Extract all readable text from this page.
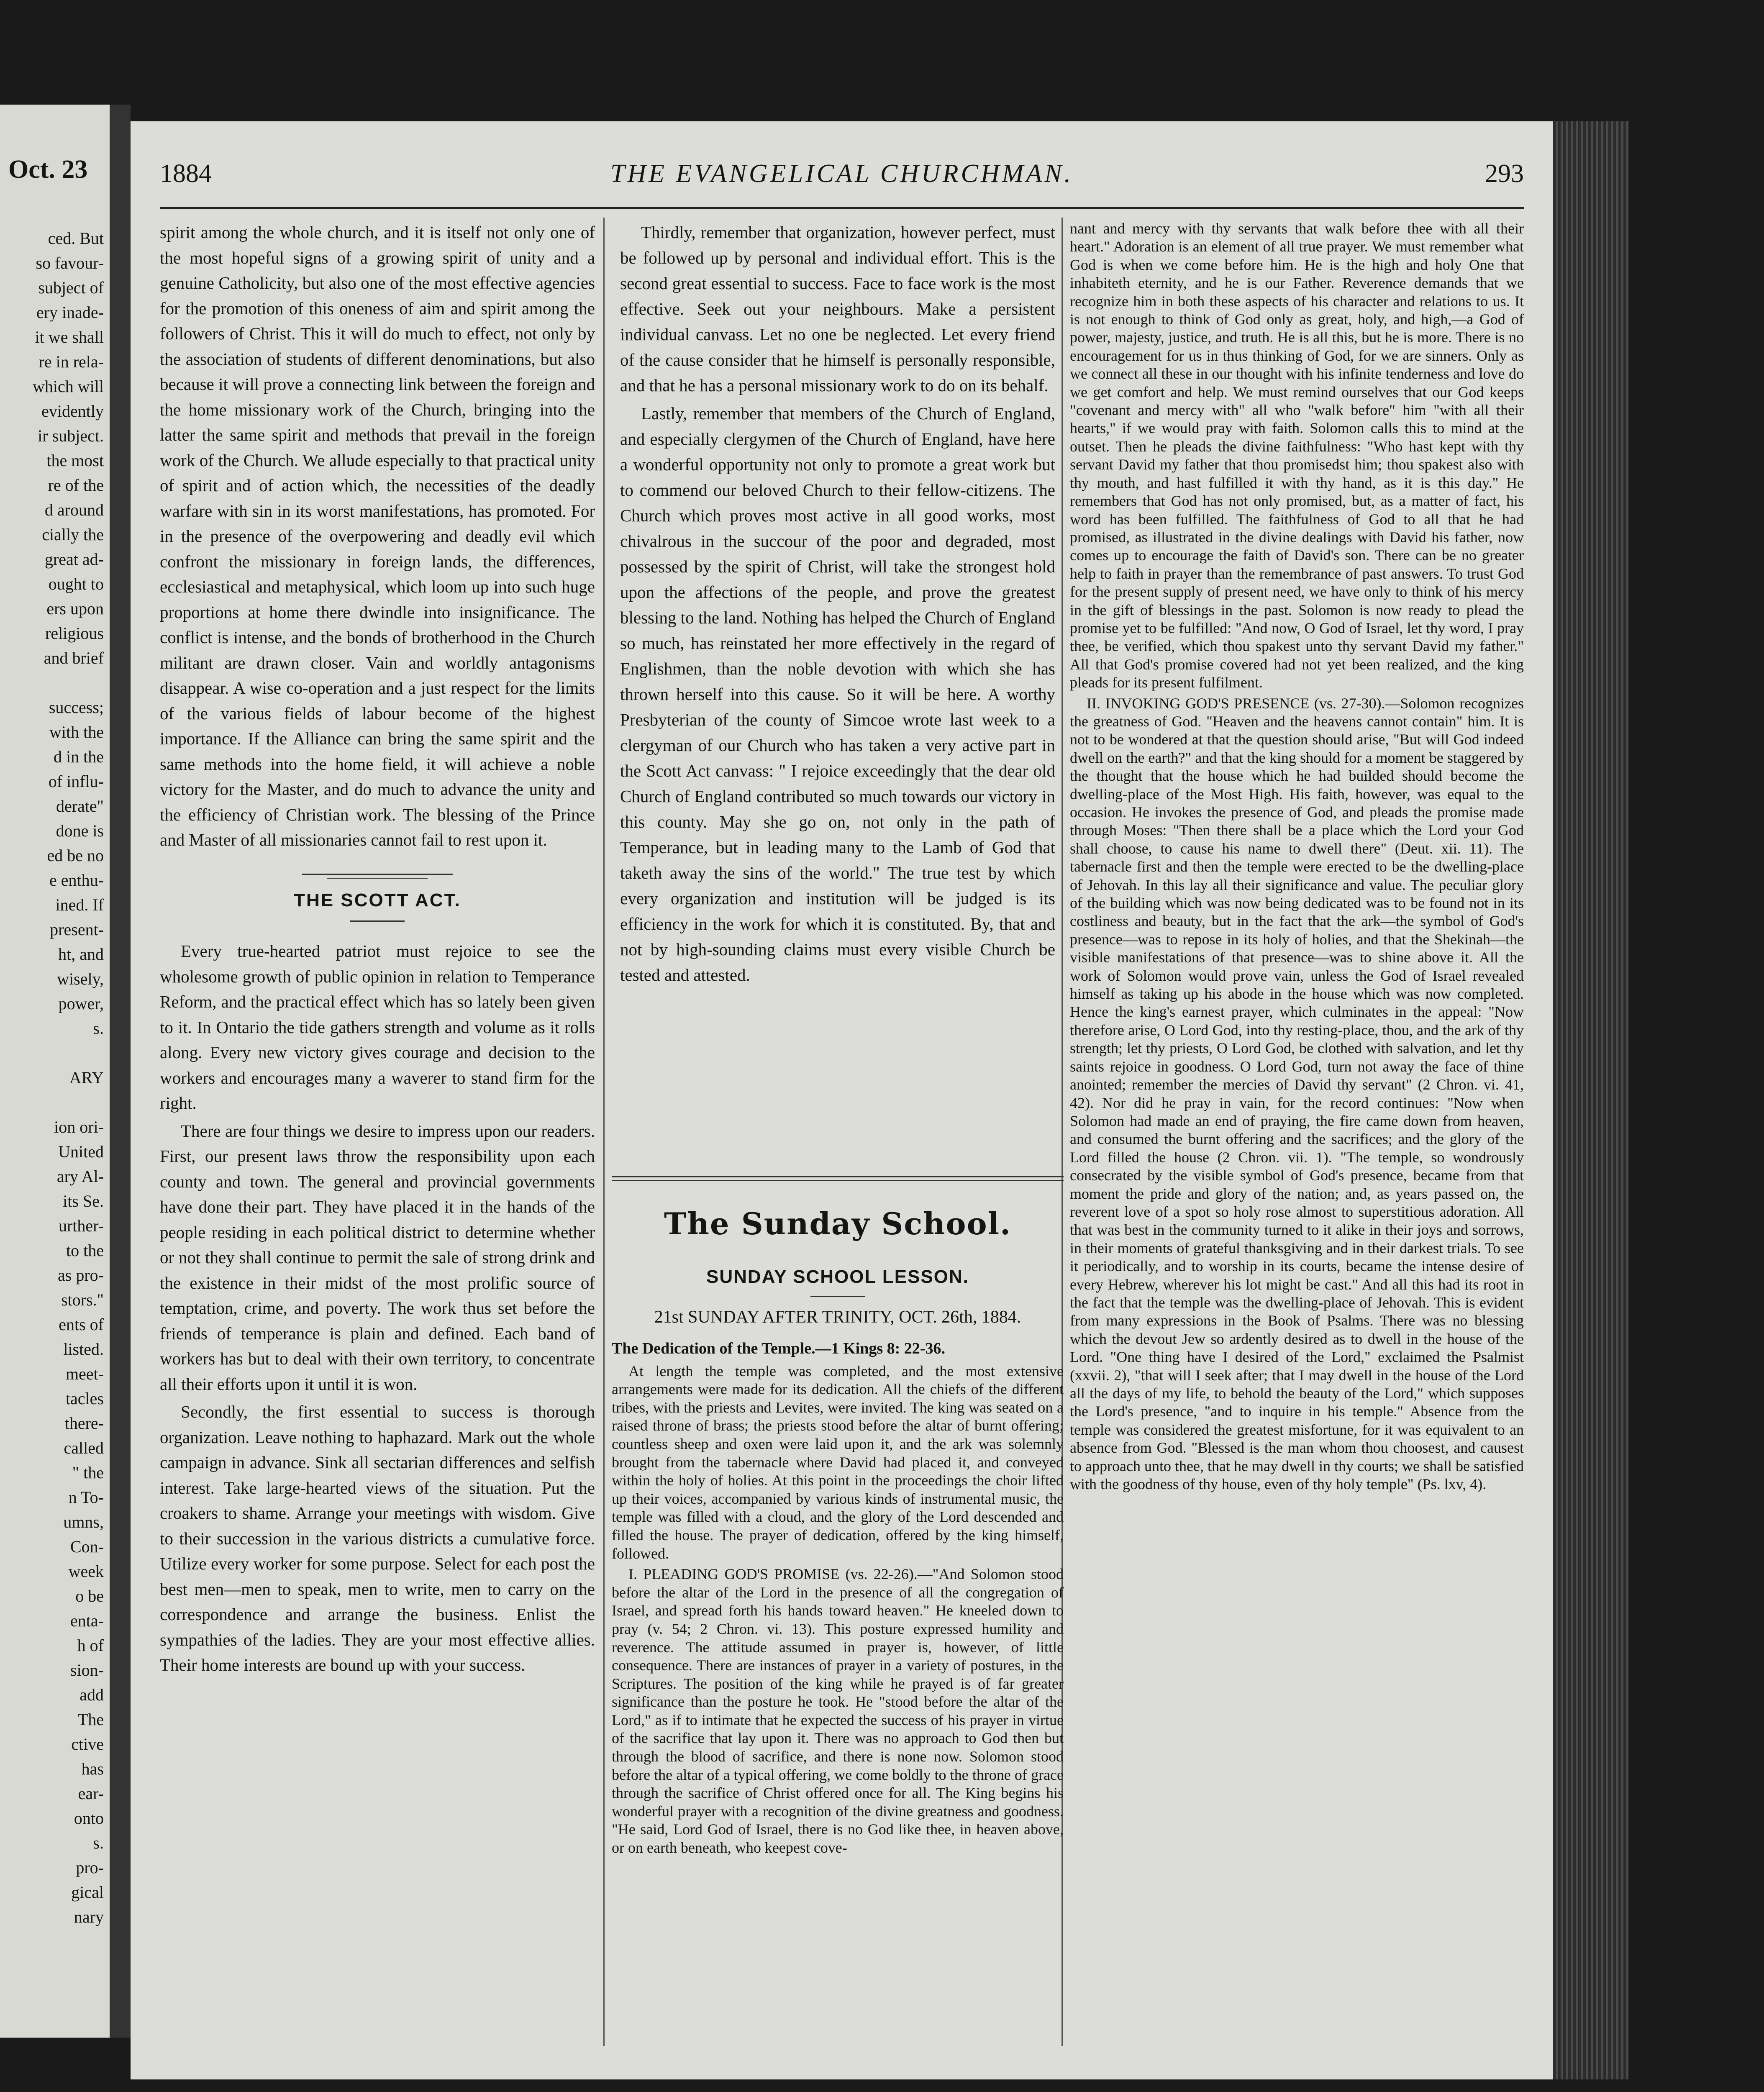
Oct. 23
ced. But
so favour-
subject of
ery inade-
it we shall
re in rela-
which will
evidently
ir subject.
the most
re of the
d around
cially the
great ad-
ought to
ers upon
religious
and brief
success;
with the
d in the
of influ-
derate"
done is
ed be no
e enthu-
ined. If
present-
ht, and
wisely,
power,
s.
ARY
ion ori-
United
ary Al-
its Se.
urther-
to the
as pro-
stors."
ents of
listed.
meet-
tacles
there-
called
" the
n To-
umns,
Con-
week
o be
enta-
h of
sion-
add
The
ctive
has
ear-
onto
s.
pro-
gical
nary
1884	THE EVANGELICAL CHURCHMAN.	293

spirit among the whole church, and it is itself not only one of the most hopeful signs of a growing spirit of unity and a genuine Catholicity, but also one of the most effective agencies for the promotion of this oneness of aim and spirit among the followers of Christ. This it will do much to effect, not only by the association of students of different denominations, but also because it will prove a connecting link between the foreign and the home missionary work of the Church, bringing into the latter the same spirit and methods that prevail in the foreign work of the Church. We allude especially to that practical unity of spirit and of action which, the necessities of the deadly warfare with sin in its worst manifestations, has promoted. For in the presence of the overpowering and deadly evil which confront the missionary in foreign lands, the differences, ecclesiastical and metaphysical, which loom up into such huge proportions at home there dwindle into insignificance. The conflict is intense, and the bonds of brotherhood in the Church militant are drawn closer. Vain and worldly antagonisms disappear. A wise co-operation and a just respect for the limits of the various fields of labour become of the highest importance. If the Alliance can bring the same spirit and the same methods into the home field, it will achieve a noble victory for the Master, and do much to advance the unity and the efficiency of Christian work. The blessing of the Prince and Master of all missionaries cannot fail to rest upon it.

THE SCOTT ACT.

Every true-hearted patriot must rejoice to see the wholesome growth of public opinion in relation to Temperance Reform, and the practical effect which has so lately been given to it. In Ontario the tide gathers strength and volume as it rolls along. Every new victory gives courage and decision to the workers and encourages many a waverer to stand firm for the right.

There are four things we desire to impress upon our readers. First, our present laws throw the responsibility upon each county and town. The general and provincial governments have done their part. They have placed it in the hands of the people residing in each political district to determine whether or not they shall continue to permit the sale of strong drink and the existence in their midst of the most prolific source of temptation, crime, and poverty. The work thus set before the friends of temperance is plain and defined. Each band of workers has but to deal with their own territory, to concentrate all their efforts upon it until it is won.

Secondly, the first essential to success is thorough organization. Leave nothing to haphazard. Mark out the whole campaign in advance. Sink all sectarian differences and selfish interest. Take large-hearted views of the situation. Put the croakers to shame. Arrange your meetings with wisdom. Give to their succession in the various districts a cumulative force. Utilize every worker for some purpose. Select for each post the best men—men to speak, men to write, men to carry on the correspondence and arrange the business. Enlist the sympathies of the ladies. They are your most effective allies. Their home interests are bound up with your success.

Thirdly, remember that organization, however perfect, must be followed up by personal and individual effort. This is the second great essential to success. Face to face work is the most effective. Seek out your neighbours. Make a persistent individual canvass. Let no one be neglected. Let every friend of the cause consider that he himself is personally responsible, and that he has a personal missionary work to do on its behalf.

Lastly, remember that members of the Church of England, and especially clergymen of the Church of England, have here a wonderful opportunity not only to promote a great work but to commend our beloved Church to their fellow-citizens. The Church which proves most active in all good works, most chivalrous in the succour of the poor and degraded, most possessed by the spirit of Christ, will take the strongest hold upon the affections of the people, and prove the greatest blessing to the land. Nothing has helped the Church of England so much, has reinstated her more effectively in the regard of Englishmen, than the noble devotion with which she has thrown herself into this cause. So it will be here. A worthy Presbyterian of the county of Simcoe wrote last week to a clergyman of our Church who has taken a very active part in the Scott Act canvass: " I rejoice exceedingly that the dear old Church of England contributed so much towards our victory in this county. May she go on, not only in the path of Temperance, but in leading many to the Lamb of God that taketh away the sins of the world." The true test by which every organization and institution will be judged is its efficiency in the work for which it is constituted. By, that and not by high-sounding claims must every visible Church be tested and attested.

The Sunday School.
SUNDAY SCHOOL LESSON.
21st SUNDAY AFTER TRINITY, OCT. 26th, 1884.
The Dedication of the Temple.—1 Kings 8: 22-36.

At length the temple was completed, and the most extensive arrangements were made for its dedication. All the chiefs of the different tribes, with the priests and Levites, were invited. The king was seated on a raised throne of brass; the priests stood before the altar of burnt offering; countless sheep and oxen were laid upon it, and the ark was solemnly brought from the tabernacle where David had placed it, and conveyed within the holy of holies. At this point in the proceedings the choir lifted up their voices, accompanied by various kinds of instrumental music, the temple was filled with a cloud, and the glory of the Lord descended and filled the house. The prayer of dedication, offered by the king himself, followed.

I. PLEADING GOD'S PROMISE (vs. 22-26).—"And Solomon stood before the altar of the Lord in the presence of all the congregation of Israel, and spread forth his hands toward heaven." He kneeled down to pray (v. 54; 2 Chron. vi. 13). This posture expressed humility and reverence. The attitude assumed in prayer is, however, of little consequence. There are instances of prayer in a variety of postures, in the Scriptures. The position of the king while he prayed is of far greater significance than the posture he took. He "stood before the altar of the Lord," as if to intimate that he expected the success of his prayer in virtue of the sacrifice that lay upon it. There was no approach to God then but through the blood of sacrifice, and there is none now. Solomon stood before the altar of a typical offering, we come boldly to the throne of grace through the sacrifice of Christ offered once for all. The King begins his wonderful prayer with a recognition of the divine greatness and goodness. "He said, Lord God of Israel, there is no God like thee, in heaven above, or on earth beneath, who keepest cove-

nant and mercy with thy servants that walk before thee with all their heart." Adoration is an element of all true prayer. We must remember what God is when we come before him. He is the high and holy One that inhabiteth eternity, and he is our Father. Reverence demands that we recognize him in both these aspects of his character and relations to us. It is not enough to think of God only as great, holy, and high,—a God of power, majesty, justice, and truth. He is all this, but he is more. There is no encouragement for us in thus thinking of God, for we are sinners. Only as we connect all these in our thought with his infinite tenderness and love do we get comfort and help. We must remind ourselves that our God keeps "covenant and mercy with" all who "walk before" him "with all their hearts," if we would pray with faith. Solomon calls this to mind at the outset. Then he pleads the divine faithfulness: "Who hast kept with thy servant David my father that thou promisedst him; thou spakest also with thy mouth, and hast fulfilled it with thy hand, as it is this day." He remembers that God has not only promised, but, as a matter of fact, his word has been fulfilled. The faithfulness of God to all that he had promised, as illustrated in the divine dealings with David his father, now comes up to encourage the faith of David's son. There can be no greater help to faith in prayer than the remembrance of past answers. To trust God for the present supply of present need, we have only to think of his mercy in the gift of blessings in the past. Solomon is now ready to plead the promise yet to be fulfilled: "And now, O God of Israel, let thy word, I pray thee, be verified, which thou spakest unto thy servant David my father." All that God's promise covered had not yet been realized, and the king pleads for its present fulfilment.

II. INVOKING GOD'S PRESENCE (vs. 27-30).—Solomon recognizes the greatness of God. "Heaven and the heavens cannot contain" him. It is not to be wondered at that the question should arise, "But will God indeed dwell on the earth?" and that the king should for a moment be staggered by the thought that the house which he had builded should become the dwelling-place of the Most High. His faith, however, was equal to the occasion. He invokes the presence of God, and pleads the promise made through Moses: "Then there shall be a place which the Lord your God shall choose, to cause his name to dwell there" (Deut. xii. 11). The tabernacle first and then the temple were erected to be the dwelling-place of Jehovah. In this lay all their significance and value. The peculiar glory of the building which was now being dedicated was to be found not in its costliness and beauty, but in the fact that the ark—the symbol of God's presence—was to repose in its holy of holies, and that the Shekinah—the visible manifestations of that presence—was to shine above it. All the work of Solomon would prove vain, unless the God of Israel revealed himself as taking up his abode in the house which was now completed. Hence the king's earnest prayer, which culminates in the appeal: "Now therefore arise, O Lord God, into thy resting-place, thou, and the ark of thy strength; let thy priests, O Lord God, be clothed with salvation, and let thy saints rejoice in goodness. O Lord God, turn not away the face of thine anointed; remember the mercies of David thy servant" (2 Chron. vi. 41, 42). Nor did he pray in vain, for the record continues: "Now when Solomon had made an end of praying, the fire came down from heaven, and consumed the burnt offering and the sacrifices; and the glory of the Lord filled the house (2 Chron. vii. 1). "The temple, so wondrously consecrated by the visible symbol of God's presence, became from that moment the pride and glory of the nation; and, as years passed on, the reverent love of a spot so holy rose almost to superstitious adoration. All that was best in the community turned to it alike in their joys and sorrows, in their moments of grateful thanksgiving and in their darkest trials. To see it periodically, and to worship in its courts, became the intense desire of every Hebrew, wherever his lot might be cast." And all this had its root in the fact that the temple was the dwelling-place of Jehovah. This is evident from many expressions in the Book of Psalms. There was no blessing which the devout Jew so ardently desired as to dwell in the house of the Lord. "One thing have I desired of the Lord," exclaimed the Psalmist (xxvii. 2), "that will I seek after; that I may dwell in the house of the Lord all the days of my life, to behold the beauty of the Lord," which supposes the Lord's presence, "and to inquire in his temple." Absence from the temple was considered the greatest misfortune, for it was equivalent to an absence from God. "Blessed is the man whom thou choosest, and causest to approach unto thee, that he may dwell in thy courts; we shall be satisfied with the goodness of thy house, even of thy holy temple" (Ps. lxv, 4).
